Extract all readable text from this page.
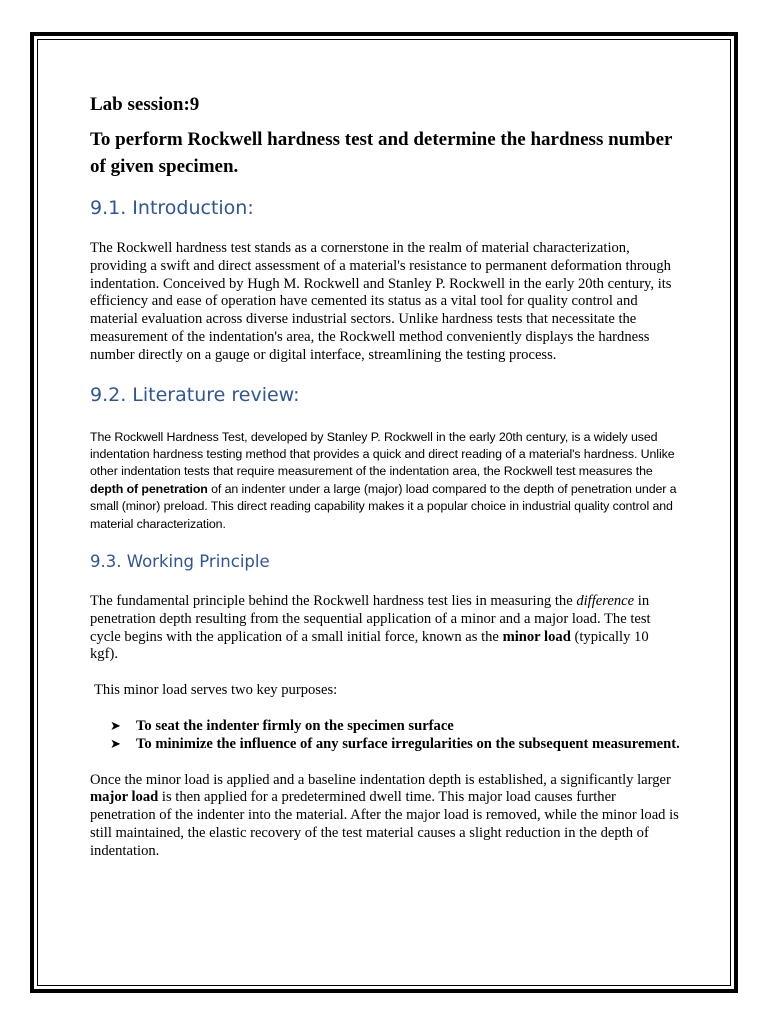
Lab session:9
To perform Rockwell hardness test and determine the hardness number of given specimen.
9.1. Introduction:

The Rockwell hardness test stands as a cornerstone in the realm of material characterization, providing a swift and direct assessment of a material's resistance to permanent deformation through indentation. Conceived by Hugh M. Rockwell and Stanley P. Rockwell in the early 20th century, its efficiency and ease of operation have cemented its status as a vital tool for quality control and material evaluation across diverse industrial sectors. Unlike hardness tests that necessitate the measurement of the indentation's area, the Rockwell method conveniently displays the hardness number directly on a gauge or digital interface, streamlining the testing process.

9.2. Literature review:

The Rockwell Hardness Test, developed by Stanley P. Rockwell in the early 20th century, is a widely used indentation hardness testing method that provides a quick and direct reading of a material's hardness. Unlike other indentation tests that require measurement of the indentation area, the Rockwell test measures the depth of penetration of an indenter under a large (major) load compared to the depth of penetration under a small (minor) preload. This direct reading capability makes it a popular choice in industrial quality control and material characterization.

9.3. Working Principle

The fundamental principle behind the Rockwell hardness test lies in measuring the difference in penetration depth resulting from the sequential application of a minor and a major load. The test cycle begins with the application of a small initial force, known as the minor load (typically 10 kgf).

This minor load serves two key purposes:

➤ To seat the indenter firmly on the specimen surface
➤ To minimize the influence of any surface irregularities on the subsequent measurement.

Once the minor load is applied and a baseline indentation depth is established, a significantly larger major load is then applied for a predetermined dwell time. This major load causes further penetration of the indenter into the material. After the major load is removed, while the minor load is still maintained, the elastic recovery of the test material causes a slight reduction in the depth of indentation.
